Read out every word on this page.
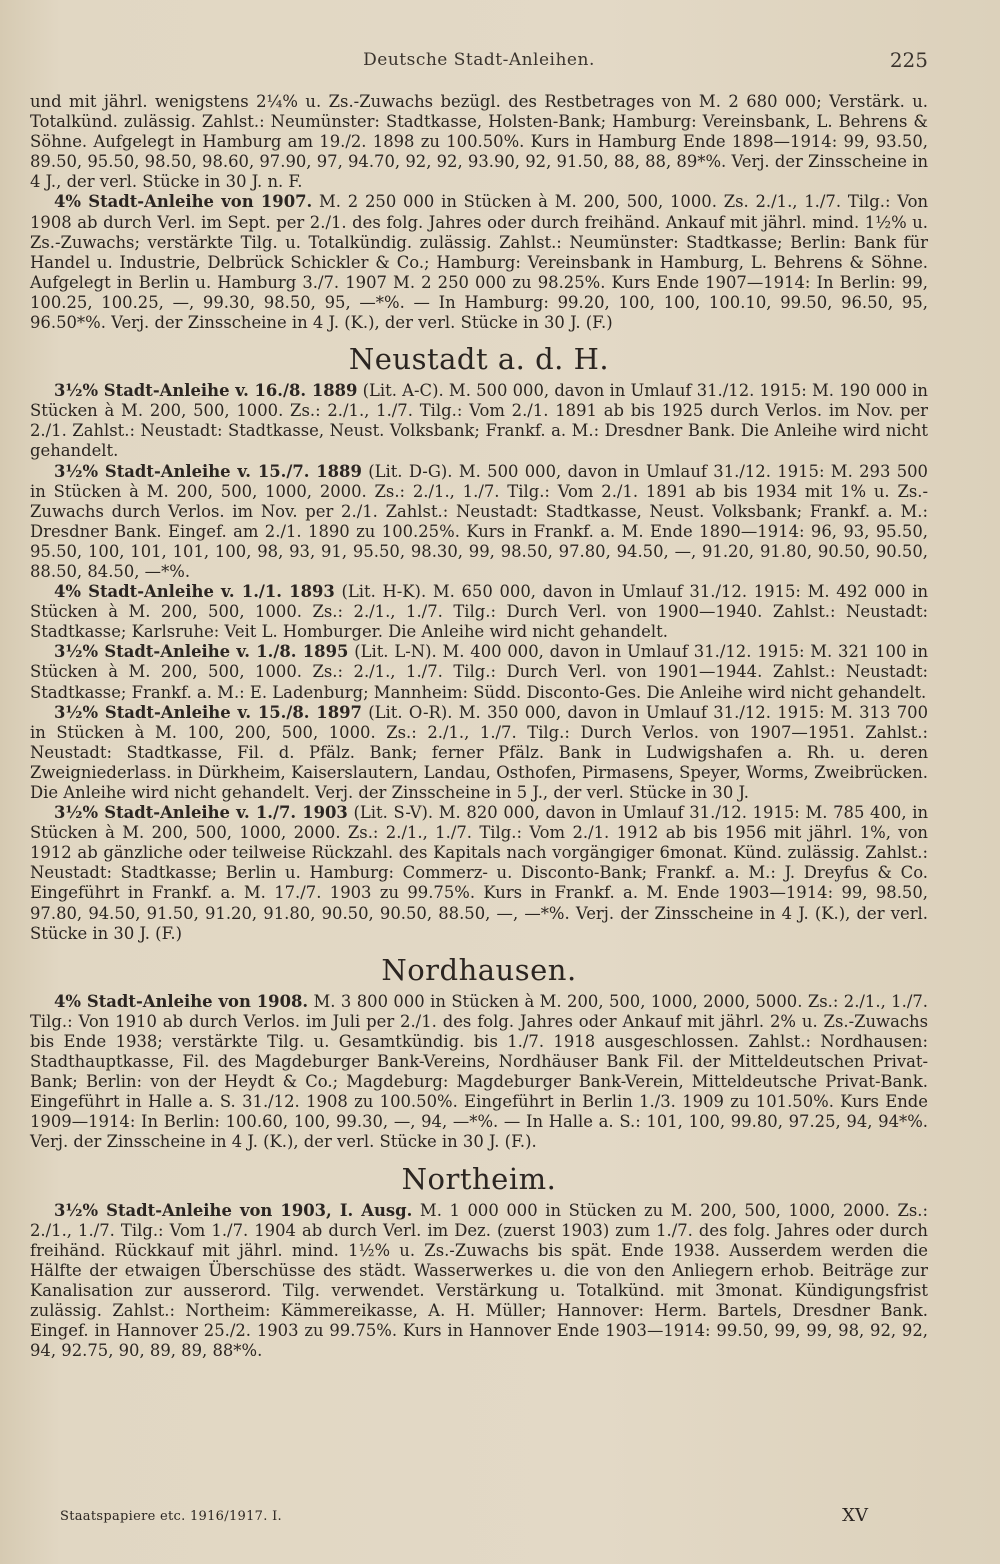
Deutsche Stadt-Anleihen.	225

und mit jährl. wenigstens 2¼% u. Zs.-Zuwachs bezügl. des Restbetrages von M. 2 680 000; Verstärk. u. Totalkünd. zulässig. Zahlst.: Neumünster: Stadtkasse, Holsten-Bank; Hamburg: Vereinsbank, L. Behrens & Söhne. Aufgelegt in Hamburg am 19./2. 1898 zu 100.50%. Kurs in Hamburg Ende 1898—1914: 99, 93.50, 89.50, 95.50, 98.50, 98.60, 97.90, 97, 94.70, 92, 92, 93.90, 92, 91.50, 88, 88, 89*%. Verj. der Zinsscheine in 4 J., der verl. Stücke in 30 J. n. F.

4% Stadt-Anleihe von 1907. M. 2 250 000 in Stücken à M. 200, 500, 1000. Zs. 2./1., 1./7. Tilg.: Von 1908 ab durch Verl. im Sept. per 2./1. des folg. Jahres oder durch freihänd. Ankauf mit jährl. mind. 1½% u. Zs.-Zuwachs; verstärkte Tilg. u. Totalkündig. zulässig. Zahlst.: Neumünster: Stadtkasse; Berlin: Bank für Handel u. Industrie, Delbrück Schickler & Co.; Hamburg: Vereinsbank in Hamburg, L. Behrens & Söhne. Aufgelegt in Berlin u. Hamburg 3./7. 1907 M. 2 250 000 zu 98.25%. Kurs Ende 1907—1914: In Berlin: 99, 100.25, 100.25, —, 99.30, 98.50, 95, —*%. — In Hamburg: 99.20, 100, 100, 100.10, 99.50, 96.50, 95, 96.50*%. Verj. der Zinsscheine in 4 J. (K.), der verl. Stücke in 30 J. (F.)

Neustadt a. d. H.

3½% Stadt-Anleihe v. 16./8. 1889 (Lit. A-C). M. 500 000, davon in Umlauf 31./12. 1915: M. 190 000 in Stücken à M. 200, 500, 1000. Zs.: 2./1., 1./7. Tilg.: Vom 2./1. 1891 ab bis 1925 durch Verlos. im Nov. per 2./1. Zahlst.: Neustadt: Stadtkasse, Neust. Volksbank; Frankf. a. M.: Dresdner Bank. Die Anleihe wird nicht gehandelt.

3½% Stadt-Anleihe v. 15./7. 1889 (Lit. D-G). M. 500 000, davon in Umlauf 31./12. 1915: M. 293 500 in Stücken à M. 200, 500, 1000, 2000. Zs.: 2./1., 1./7. Tilg.: Vom 2./1. 1891 ab bis 1934 mit 1% u. Zs.-Zuwachs durch Verlos. im Nov. per 2./1. Zahlst.: Neustadt: Stadtkasse, Neust. Volksbank; Frankf. a. M.: Dresdner Bank. Eingef. am 2./1. 1890 zu 100.25%. Kurs in Frankf. a. M. Ende 1890—1914: 96, 93, 95.50, 95.50, 100, 101, 101, 100, 98, 93, 91, 95.50, 98.30, 99, 98.50, 97.80, 94.50, —, 91.20, 91.80, 90.50, 90.50, 88.50, 84.50, —*%.

4% Stadt-Anleihe v. 1./1. 1893 (Lit. H-K). M. 650 000, davon in Umlauf 31./12. 1915: M. 492 000 in Stücken à M. 200, 500, 1000. Zs.: 2./1., 1./7. Tilg.: Durch Verl. von 1900—1940. Zahlst.: Neustadt: Stadtkasse; Karlsruhe: Veit L. Homburger. Die Anleihe wird nicht gehandelt.

3½% Stadt-Anleihe v. 1./8. 1895 (Lit. L-N). M. 400 000, davon in Umlauf 31./12. 1915: M. 321 100 in Stücken à M. 200, 500, 1000. Zs.: 2./1., 1./7. Tilg.: Durch Verl. von 1901—1944. Zahlst.: Neustadt: Stadtkasse; Frankf. a. M.: E. Ladenburg; Mannheim: Südd. Disconto-Ges. Die Anleihe wird nicht gehandelt.

3½% Stadt-Anleihe v. 15./8. 1897 (Lit. O-R). M. 350 000, davon in Umlauf 31./12. 1915: M. 313 700 in Stücken à M. 100, 200, 500, 1000. Zs.: 2./1., 1./7. Tilg.: Durch Verlos. von 1907—1951. Zahlst.: Neustadt: Stadtkasse, Fil. d. Pfälz. Bank; ferner Pfälz. Bank in Ludwigshafen a. Rh. u. deren Zweigniederlass. in Dürkheim, Kaiserslautern, Landau, Osthofen, Pirmasens, Speyer, Worms, Zweibrücken. Die Anleihe wird nicht gehandelt. Verj. der Zinsscheine in 5 J., der verl. Stücke in 30 J.

3½% Stadt-Anleihe v. 1./7. 1903 (Lit. S-V). M. 820 000, davon in Umlauf 31./12. 1915: M. 785 400, in Stücken à M. 200, 500, 1000, 2000. Zs.: 2./1., 1./7. Tilg.: Vom 2./1. 1912 ab bis 1956 mit jährl. 1%, von 1912 ab gänzliche oder teilweise Rückzahl. des Kapitals nach vorgängiger 6monat. Künd. zulässig. Zahlst.: Neustadt: Stadtkasse; Berlin u. Hamburg: Commerz- u. Disconto-Bank; Frankf. a. M.: J. Dreyfus & Co. Eingeführt in Frankf. a. M. 17./7. 1903 zu 99.75%. Kurs in Frankf. a. M. Ende 1903—1914: 99, 98.50, 97.80, 94.50, 91.50, 91.20, 91.80, 90.50, 90.50, 88.50, —, —*%. Verj. der Zinsscheine in 4 J. (K.), der verl. Stücke in 30 J. (F.)

Nordhausen.

4% Stadt-Anleihe von 1908. M. 3 800 000 in Stücken à M. 200, 500, 1000, 2000, 5000. Zs.: 2./1., 1./7. Tilg.: Von 1910 ab durch Verlos. im Juli per 2./1. des folg. Jahres oder Ankauf mit jährl. 2% u. Zs.-Zuwachs bis Ende 1938; verstärkte Tilg. u. Gesamtkündig. bis 1./7. 1918 ausgeschlossen. Zahlst.: Nordhausen: Stadthauptkasse, Fil. des Magdeburger Bank-Vereins, Nordhäuser Bank Fil. der Mitteldeutschen Privat-Bank; Berlin: von der Heydt & Co.; Magdeburg: Magdeburger Bank-Verein, Mitteldeutsche Privat-Bank. Eingeführt in Halle a. S. 31./12. 1908 zu 100.50%. Eingeführt in Berlin 1./3. 1909 zu 101.50%. Kurs Ende 1909—1914: In Berlin: 100.60, 100, 99.30, —, 94, —*%. — In Halle a. S.: 101, 100, 99.80, 97.25, 94, 94*%. Verj. der Zinsscheine in 4 J. (K.), der verl. Stücke in 30 J. (F.).

Northeim.

3½% Stadt-Anleihe von 1903, I. Ausg. M. 1 000 000 in Stücken zu M. 200, 500, 1000, 2000. Zs.: 2./1., 1./7. Tilg.: Vom 1./7. 1904 ab durch Verl. im Dez. (zuerst 1903) zum 1./7. des folg. Jahres oder durch freihänd. Rückkauf mit jährl. mind. 1½% u. Zs.-Zuwachs bis spät. Ende 1938. Ausserdem werden die Hälfte der etwaigen Überschüsse des städt. Wasserwerkes u. die von den Anliegern erhob. Beiträge zur Kanalisation zur ausserord. Tilg. verwendet. Verstärkung u. Totalkünd. mit 3monat. Kündigungsfrist zulässig. Zahlst.: Northeim: Kämmereikasse, A. H. Müller; Hannover: Herm. Bartels, Dresdner Bank. Eingef. in Hannover 25./2. 1903 zu 99.75%. Kurs in Hannover Ende 1903—1914: 99.50, 99, 99, 98, 92, 92, 94, 92.75, 90, 89, 89, 88*%.

Staatspapiere etc. 1916/1917. I.	XV
